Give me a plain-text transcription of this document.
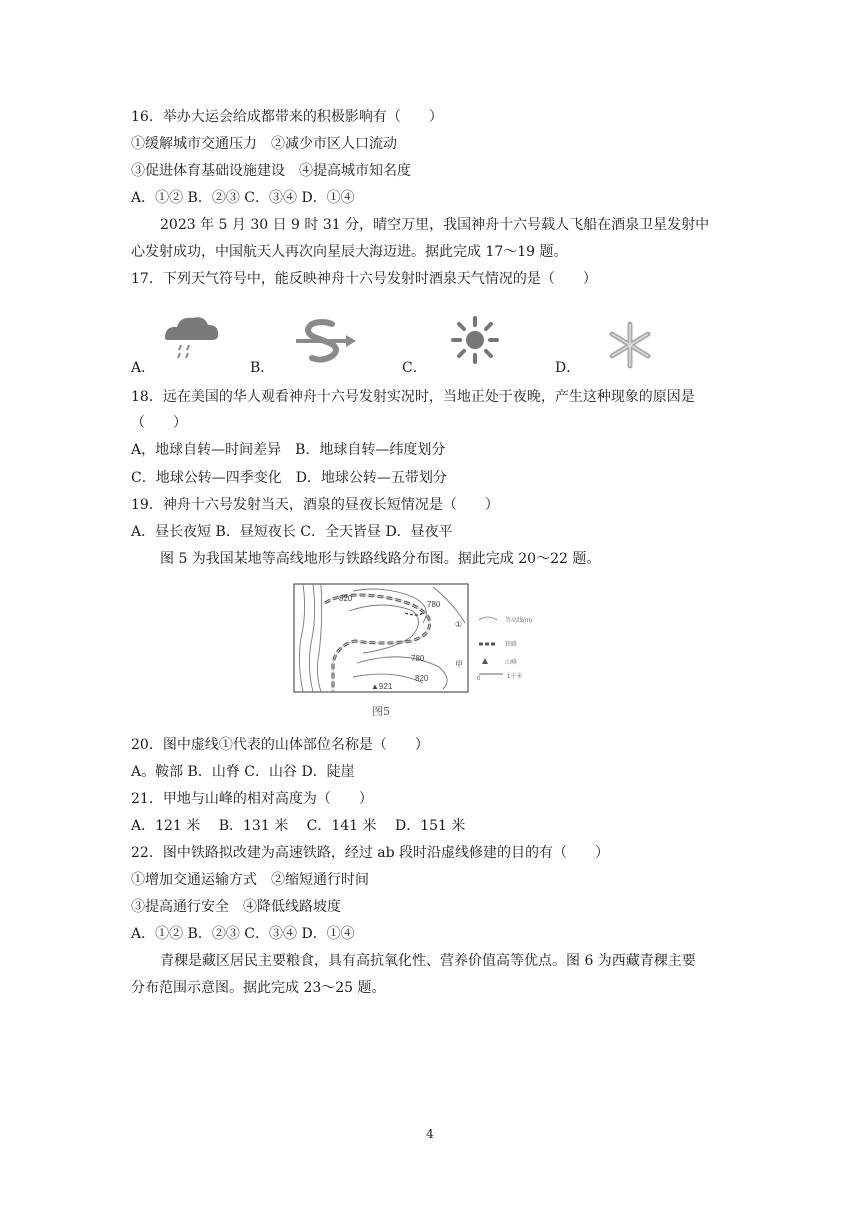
16．举办大运会给成都带来的积极影响有（　　）
①缓解城市交通压力　②减少市区人口流动
③促进体育基础设施建设　④提高城市知名度
A．①② B．②③ C．③④ D．①④
2023 年 5 月 30 日 9 时 31 分，晴空万里，我国神舟十六号载人飞船在酒泉卫星发射中
心发射成功，中国航天人再次向星辰大海迈进。据此完成 17～19 题。
17．下列天气符号中，能反映神舟十六号发射时酒泉天气情况的是（　　）
A．	B．	C．	D．
18．远在美国的华人观看神舟十六号发射实况时，当地正处于夜晚，产生这种现象的原因是
（　　）
A，地球自转—时间差异　B．地球自转—纬度划分
C．地球公转—四季变化　D．地球公转—五带划分
19．神舟十六号发射当天，酒泉的昼夜长短情况是（　　）
A．昼长夜短 B．昼短夜长 C．全天皆昼 D．昼夜平
图 5 为我国某地等高线地形与铁路线路分布图。据此完成 20～22 题。
820
780
780
820
▲921
①
甲
等高线(m)
铁路
山峰
0	1千米
图5
20．图中虚线①代表的山体部位名称是（　　）
A。鞍部 B．山脊 C．山谷 D．陡崖
21．甲地与山峰的相对高度为（　　）
A．121 米　 B．131 米　 C．141 米　 D．151 米
22．图中铁路拟改建为高速铁路，经过 ab 段时沿虚线修建的目的有（　　）
①增加交通运输方式　②缩短通行时间
③提高通行安全　④降低线路坡度
A．①② B．②③ C．③④ D．①④
青稞是藏区居民主要粮食，具有高抗氧化性、营养价值高等优点。图 6 为西藏青稞主要
分布范围示意图。据此完成 23～25 题。
4
